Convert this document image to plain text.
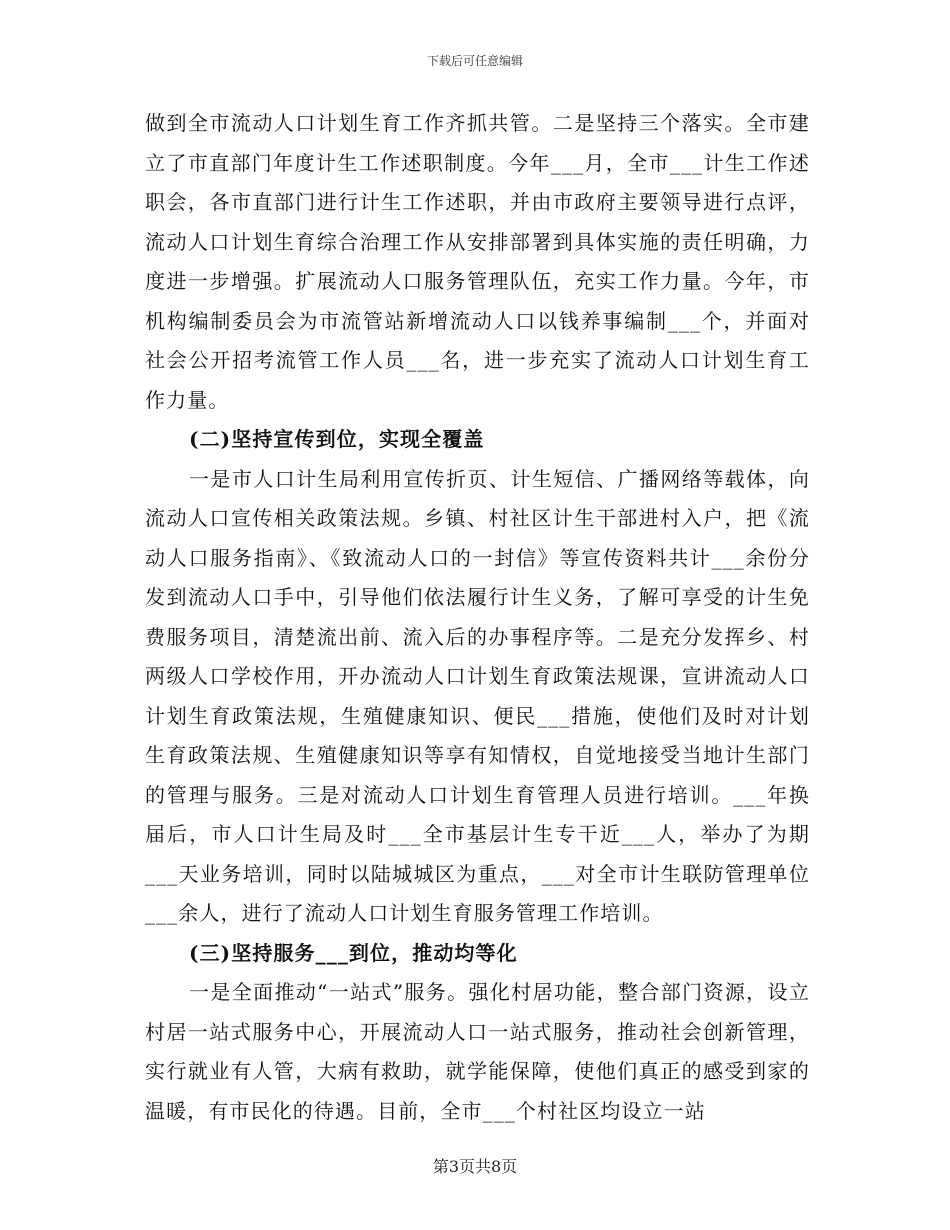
下载后可任意编辑

做到全市流动人口计划生育工作齐抓共管。二是坚持三个落实。全市建立了市直部门年度计生工作述职制度。今年___月，全市___计生工作述职会，各市直部门进行计生工作述职，并由市政府主要领导进行点评，流动人口计划生育综合治理工作从安排部署到具体实施的责任明确，力度进一步增强。扩展流动人口服务管理队伍，充实工作力量。今年，市机构编制委员会为市流管站新增流动人口以钱养事编制___个，并面对社会公开招考流管工作人员___名，进一步充实了流动人口计划生育工作力量。

(二)坚持宣传到位，实现全覆盖

一是市人口计生局利用宣传折页、计生短信、广播网络等载体，向流动人口宣传相关政策法规。乡镇、村社区计生干部进村入户，把《流动人口服务指南》、《致流动人口的一封信》等宣传资料共计___余份分发到流动人口手中，引导他们依法履行计生义务，了解可享受的计生免费服务项目，清楚流出前、流入后的办事程序等。二是充分发挥乡、村两级人口学校作用，开办流动人口计划生育政策法规课，宣讲流动人口计划生育政策法规，生殖健康知识、便民___措施，使他们及时对计划生育政策法规、生殖健康知识等享有知情权，自觉地接受当地计生部门的管理与服务。三是对流动人口计划生育管理人员进行培训。___年换届后，市人口计生局及时___全市基层计生专干近___人，举办了为期___天业务培训，同时以陆城城区为重点，___对全市计生联防管理单位___余人，进行了流动人口计划生育服务管理工作培训。

(三)坚持服务___到位，推动均等化

一是全面推动“一站式”服务。强化村居功能，整合部门资源，设立村居一站式服务中心，开展流动人口一站式服务，推动社会创新管理，实行就业有人管，大病有救助，就学能保障，使他们真正的感受到家的温暖，有市民化的待遇。目前，全市___个村社区均设立一站

第3页共8页
